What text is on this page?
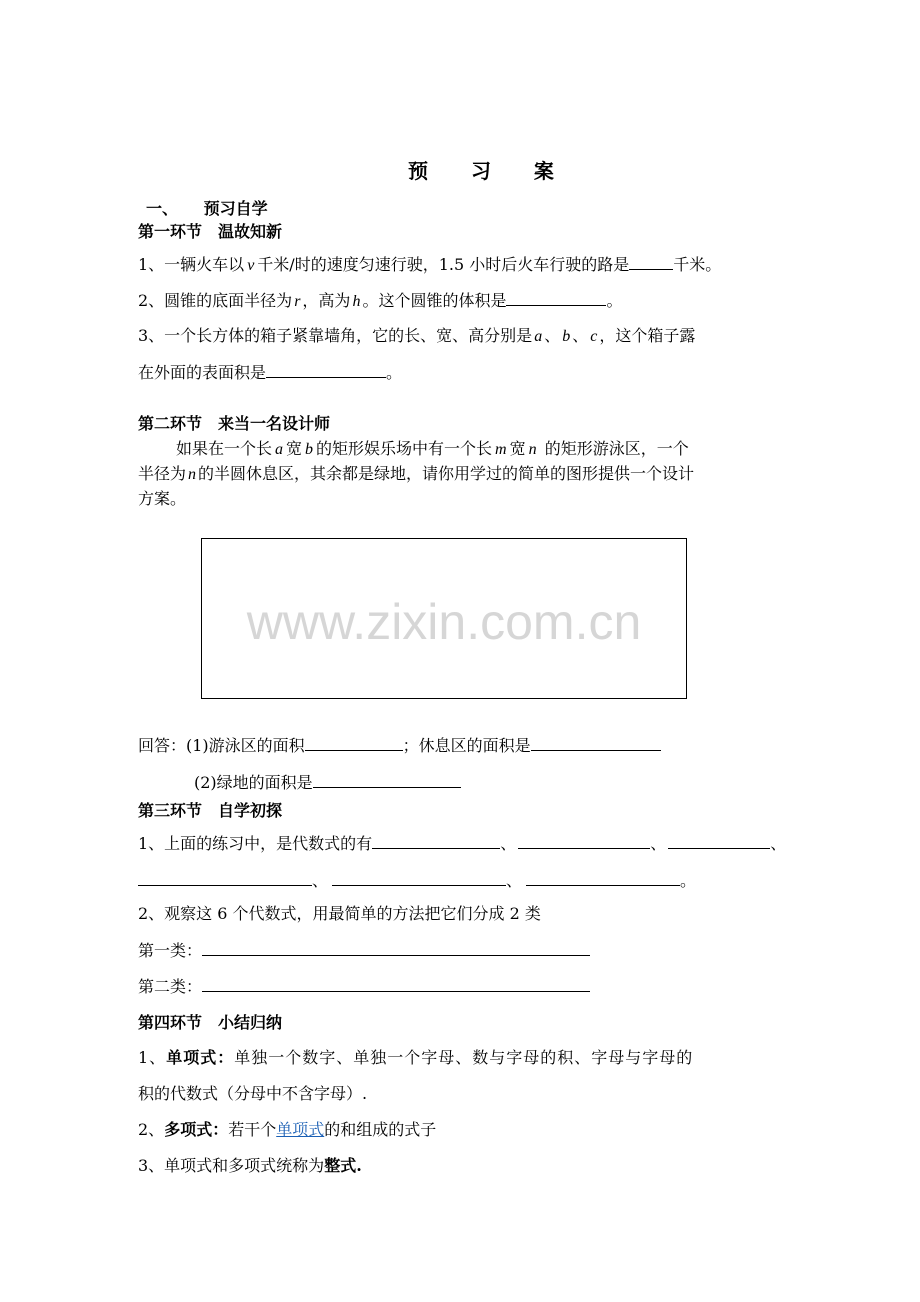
预 习 案
一、 预习自学
第一环节　温故知新
1、一辆火车以 v 千米/时的速度匀速行驶，1.5 小时后火车行驶的路是	千米。
2、圆锥的底面半径为 r ，高为 h 。这个圆锥的体积是	。
3、一个长方体的箱子紧靠墙角，它的长、宽、高分别是 a 、 b 、 c ，这个箱子露
在外面的表面积是	。
第二环节　来当一名设计师
如果在一个长 a 宽 b 的矩形娱乐场中有一个长 m 宽 n 的矩形游泳区，一个
半径为 n 的半圆休息区，其余都是绿地，请你用学过的简单的图形提供一个设计
方案。
www.zixin.com.cn
回答：(1)游泳区的面积	；休息区的面积是
(2)绿地的面积是
第三环节　自学初探
1、上面的练习中，是代数式的有	、	、	、
、	、	。
2、观察这 6 个代数式，用最简单的方法把它们分成 2 类
第一类：
第二类：
第四环节　小结归纳
1、单项式：单独一个数字、单独一个字母、数与字母的积、字母与字母的
积的代数式（分母中不含字母）.
2、多项式：若干个单项式的和组成的式子
3、单项式和多项式统称为整式.
